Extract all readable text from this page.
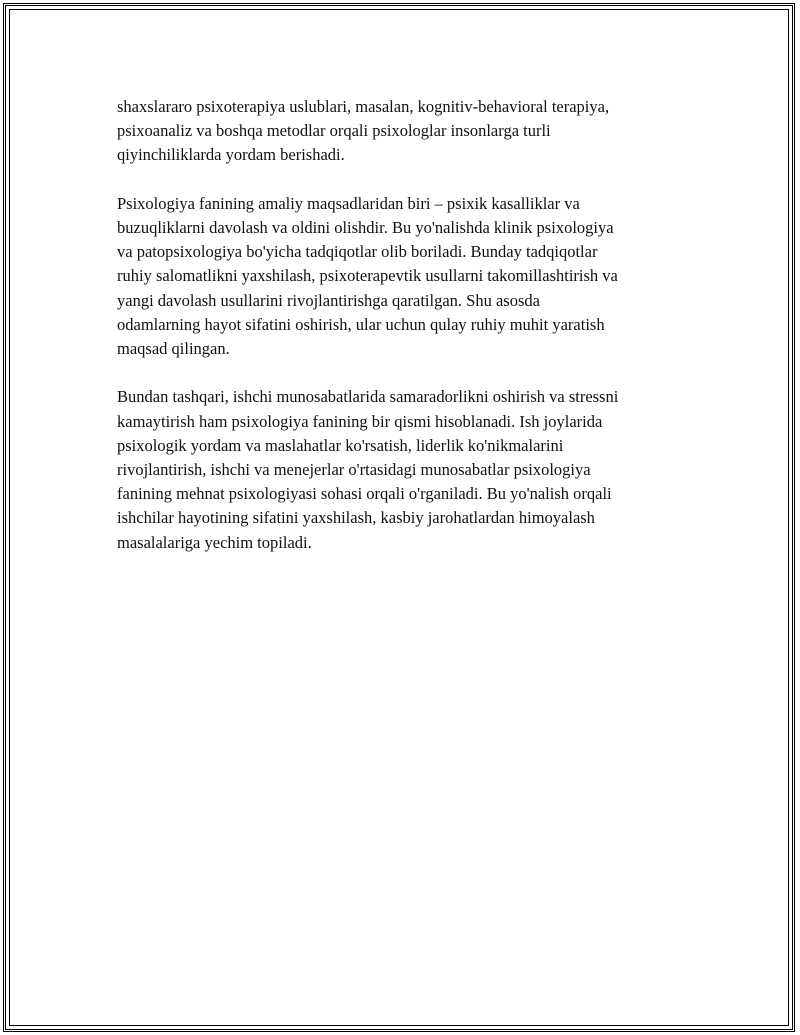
shaxslararo psixoterapiya uslublari, masalan, kognitiv-behavioral terapiya,
psixoanaliz va boshqa metodlar orqali psixologlar insonlarga turli
qiyinchiliklarda yordam berishadi.

Psixologiya fanining amaliy maqsadlaridan biri – psixik kasalliklar va
buzuqliklarni davolash va oldini olishdir. Bu yo'nalishda klinik psixologiya
va patopsixologiya bo'yicha tadqiqotlar olib boriladi. Bunday tadqiqotlar
ruhiy salomatlikni yaxshilash, psixoterapevtik usullarni takomillashtirish va
yangi davolash usullarini rivojlantirishga qaratilgan. Shu asosda
odamlarning hayot sifatini oshirish, ular uchun qulay ruhiy muhit yaratish
maqsad qilingan.

Bundan tashqari, ishchi munosabatlarida samaradorlikni oshirish va stressni
kamaytirish ham psixologiya fanining bir qismi hisoblanadi. Ish joylarida
psixologik yordam va maslahatlar ko'rsatish, liderlik ko'nikmalarini
rivojlantirish, ishchi va menejerlar o'rtasidagi munosabatlar psixologiya
fanining mehnat psixologiyasi sohasi orqali o'rganiladi. Bu yo'nalish orqali
ishchilar hayotining sifatini yaxshilash, kasbiy jarohatlardan himoyalash
masalalariga yechim topiladi.
